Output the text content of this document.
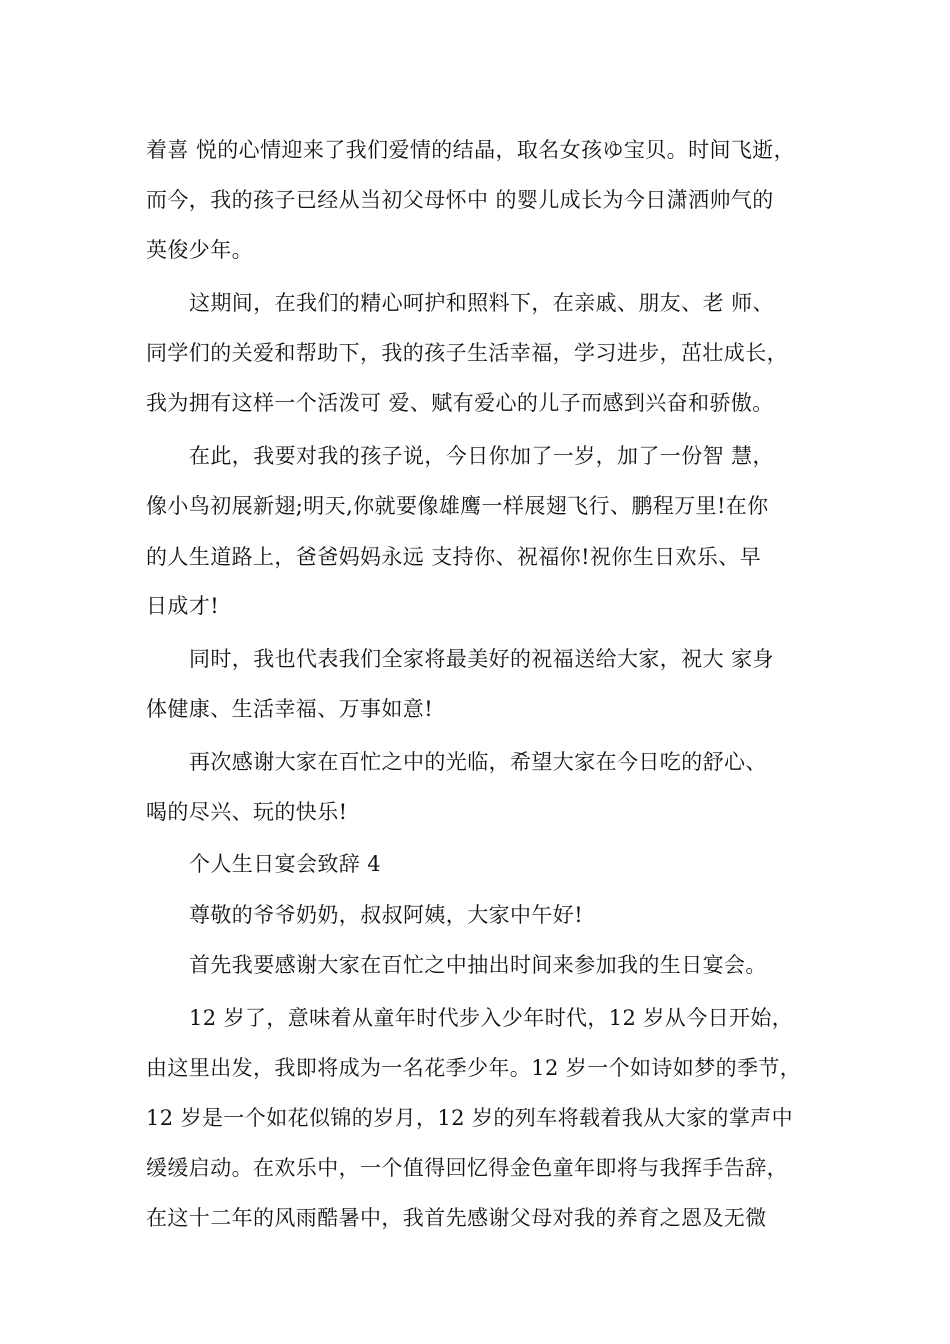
着喜 悦的心情迎来了我们爱情的结晶，取名女孩ゆ宝贝。时间飞逝，
而今，我的孩子已经从当初父母怀中 的婴儿成长为今日潇洒帅气的
英俊少年。
这期间，在我们的精心呵护和照料下，在亲戚、朋友、老 师、
同学们的关爱和帮助下，我的孩子生活幸福，学习进步，茁壮成长，
我为拥有这样一个活泼可 爱、赋有爱心的儿子而感到兴奋和骄傲。
在此，我要对我的孩子说，今日你加了一岁，加了一份智 慧，
像小鸟初展新翅;明天,你就要像雄鹰一样展翅飞行、鹏程万里!在你
的人生道路上，爸爸妈妈永远 支持你、祝福你!祝你生日欢乐、早
日成才!
同时，我也代表我们全家将最美好的祝福送给大家，祝大 家身
体健康、生活幸福、万事如意!
再次感谢大家在百忙之中的光临，希望大家在今日吃的舒心、
喝的尽兴、玩的快乐!
个人生日宴会致辞 4
尊敬的爷爷奶奶，叔叔阿姨，大家中午好!
首先我要感谢大家在百忙之中抽出时间来参加我的生日宴会。
12 岁了，意味着从童年时代步入少年时代，12 岁从今日开始，
由这里出发，我即将成为一名花季少年。12 岁一个如诗如梦的季节，
12 岁是一个如花似锦的岁月，12 岁的列车将载着我从大家的掌声中
缓缓启动。在欢乐中，一个值得回忆得金色童年即将与我挥手告辞，
在这十二年的风雨酷暑中，我首先感谢父母对我的养育之恩及无微
